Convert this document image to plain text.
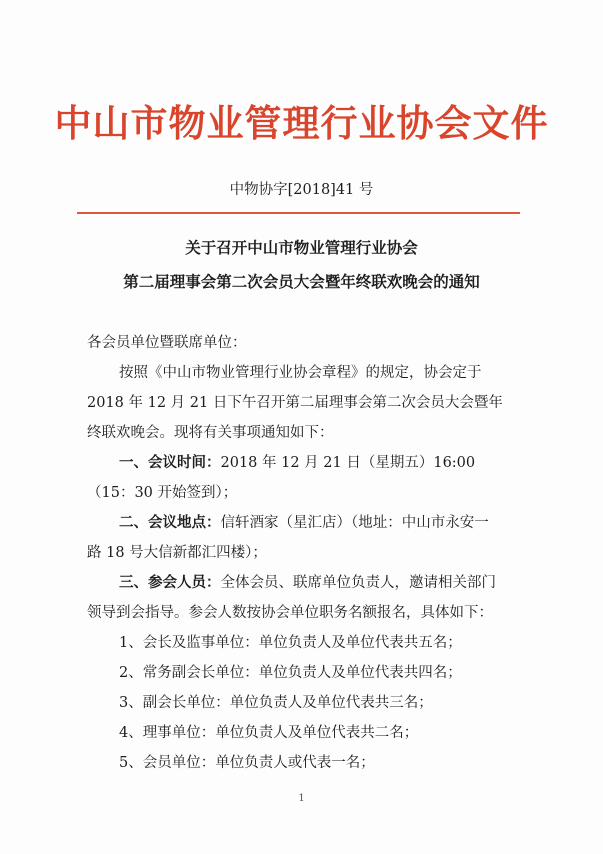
中山市物业管理行业协会文件
中物协字[2018]41 号
关于召开中山市物业管理行业协会
第二届理事会第二次会员大会暨年终联欢晚会的通知
各会员单位暨联席单位：
按照《中山市物业管理行业协会章程》的规定，协会定于
2018 年 12 月 21 日下午召开第二届理事会第二次会员大会暨年
终联欢晚会。现将有关事项通知如下：
一、会议时间：2018 年 12 月 21 日（星期五）16:00
（15：30 开始签到）；
二、会议地点：信轩酒家（星汇店）（地址：中山市永安一
路 18 号大信新都汇四楼）；
三、参会人员：全体会员、联席单位负责人，邀请相关部门
领导到会指导。参会人数按协会单位职务名额报名，具体如下：
1、会长及监事单位：单位负责人及单位代表共五名；
2、常务副会长单位：单位负责人及单位代表共四名；
3、副会长单位：单位负责人及单位代表共三名；
4、理事单位：单位负责人及单位代表共二名；
5、会员单位：单位负责人或代表一名；
1
